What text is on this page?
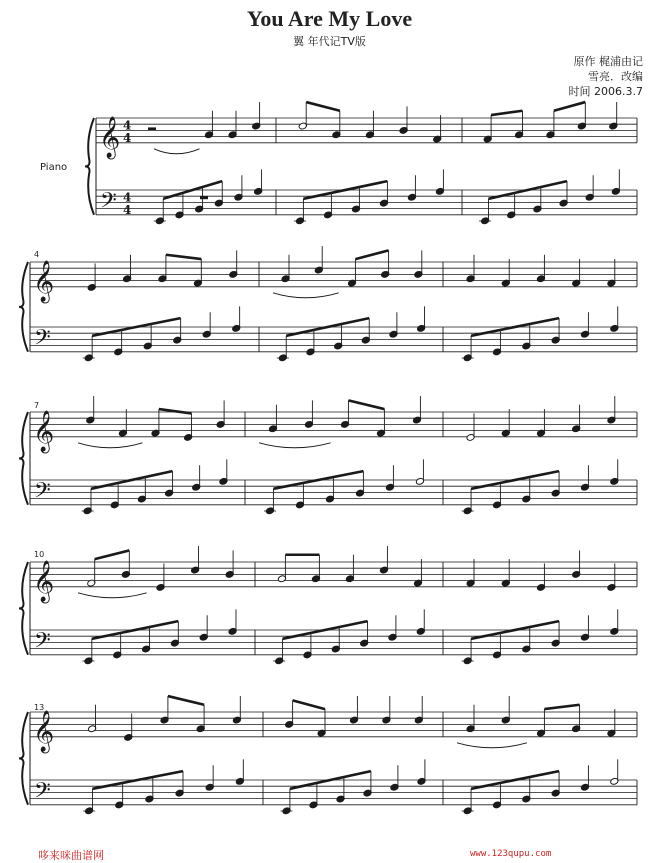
You Are My Love
翼 年代记TV版
原作 梶浦由记
雪亮．改编
时间 2006.3.7
Piano
4
7
10
13
𝄞
𝄢
4
4
4
4
𝄞
𝄢
𝄞
𝄢
𝄞
𝄢
𝄞
𝄢
哆来咪曲谱网	www.123qupu.com
